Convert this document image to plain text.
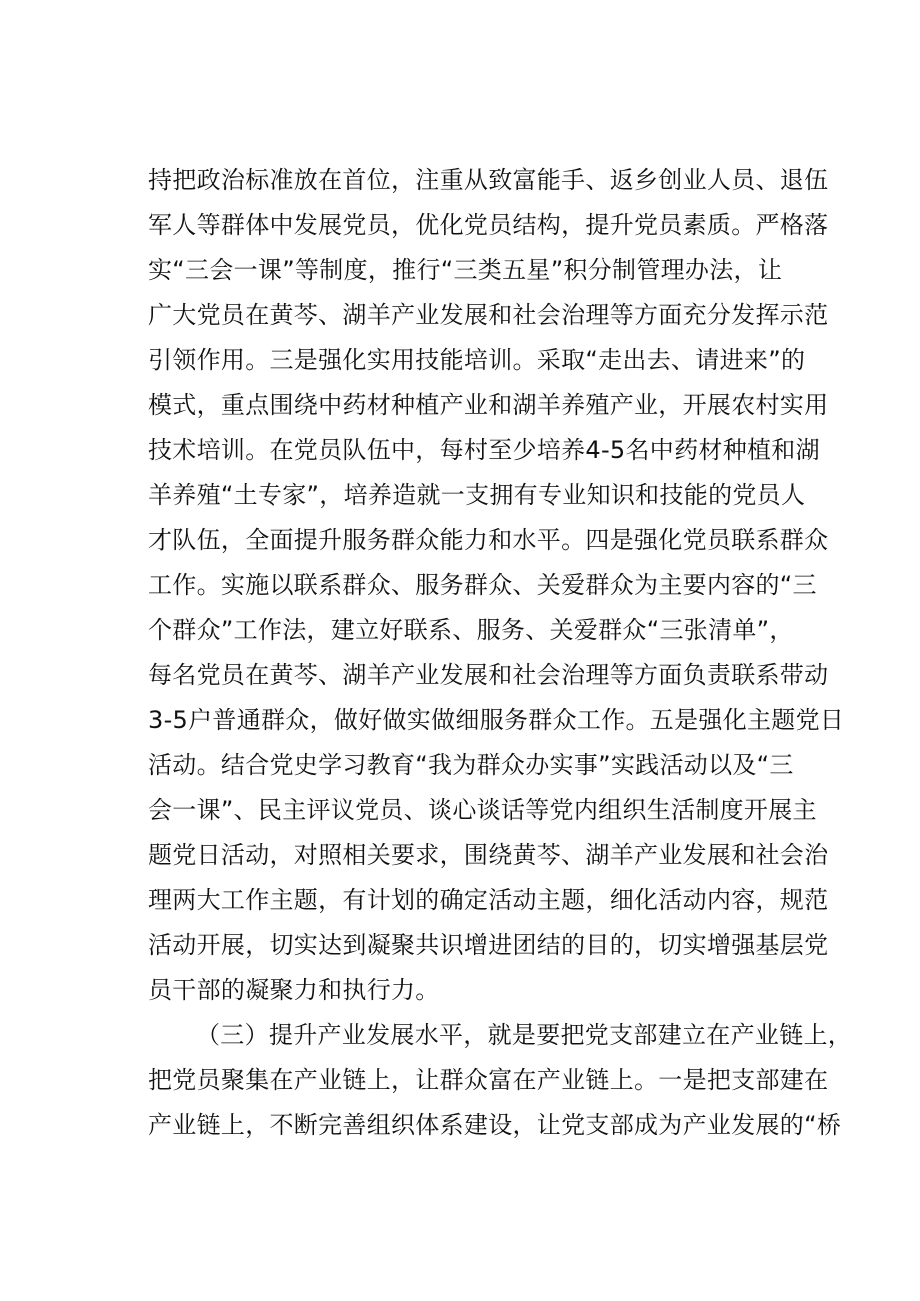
持把政治标准放在首位，注重从致富能手、返乡创业人员、退伍
军人等群体中发展党员，优化党员结构，提升党员素质。严格落
实“三会一课”等制度，推行“三类五星”积分制管理办法，让
广大党员在黄芩、湖羊产业发展和社会治理等方面充分发挥示范
引领作用。三是强化实用技能培训。采取“走出去、请进来”的
模式，重点围绕中药材种植产业和湖羊养殖产业，开展农村实用
技术培训。在党员队伍中，每村至少培养4-5名中药材种植和湖
羊养殖“土专家”，培养造就一支拥有专业知识和技能的党员人
才队伍，全面提升服务群众能力和水平。四是强化党员联系群众
工作。实施以联系群众、服务群众、关爱群众为主要内容的“三
个群众”工作法，建立好联系、服务、关爱群众“三张清单”，
每名党员在黄芩、湖羊产业发展和社会治理等方面负责联系带动
3-5户普通群众，做好做实做细服务群众工作。五是强化主题党日
活动。结合党史学习教育“我为群众办实事”实践活动以及“三
会一课”、民主评议党员、谈心谈话等党内组织生活制度开展主
题党日活动，对照相关要求，围绕黄芩、湖羊产业发展和社会治
理两大工作主题，有计划的确定活动主题，细化活动内容，规范
活动开展，切实达到凝聚共识增进团结的目的，切实增强基层党
员干部的凝聚力和执行力。
（三）提升产业发展水平，就是要把党支部建立在产业链上，
把党员聚集在产业链上，让群众富在产业链上。一是把支部建在
产业链上，不断完善组织体系建设，让党支部成为产业发展的“桥
